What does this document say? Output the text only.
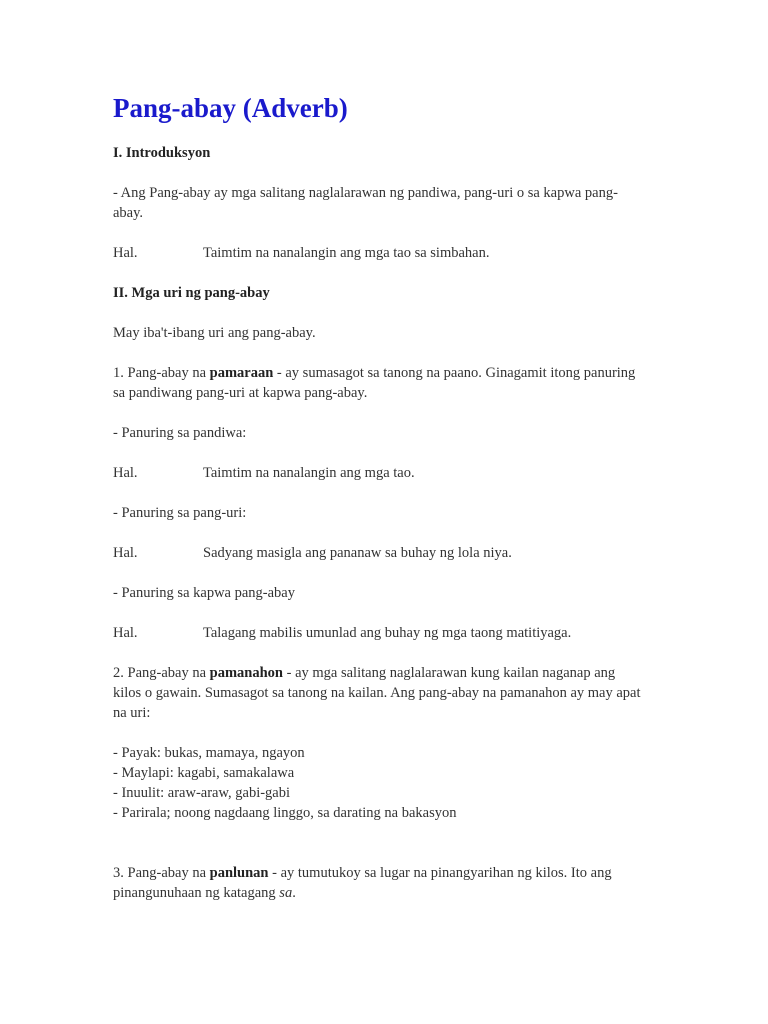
Pang-abay (Adverb)

I. Introduksyon

- Ang Pang-abay ay mga salitang naglalarawan ng pandiwa, pang-uri o sa kapwa pang-abay.

Hal.	Taimtim na nanalangin ang mga tao sa simbahan.

II. Mga uri ng pang-abay

May iba't-ibang uri ang pang-abay.

1. Pang-abay na pamaraan - ay sumasagot sa tanong na paano. Ginagamit itong panuring sa pandiwang pang-uri at kapwa pang-abay.

- Panuring sa pandiwa:

Hal.	Taimtim na nanalangin ang mga tao.

- Panuring sa pang-uri:

Hal.	Sadyang masigla ang pananaw sa buhay ng lola niya.

- Panuring sa kapwa pang-abay

Hal.	Talagang mabilis umunlad ang buhay ng mga taong matitiyaga.

2. Pang-abay na pamanahon - ay mga salitang naglalarawan kung kailan naganap ang kilos o gawain. Sumasagot sa tanong na kailan. Ang pang-abay na pamanahon ay may apat na uri:

- Payak: bukas, mamaya, ngayon
- Maylapi: kagabi, samakalawa
- Inuulit: araw-araw, gabi-gabi
- Parirala; noong nagdaang linggo, sa darating na bakasyon

3. Pang-abay na panlunan - ay tumutukoy sa lugar na pinangyarihan ng kilos. Ito ang pinangunuhaan ng katagang sa.
